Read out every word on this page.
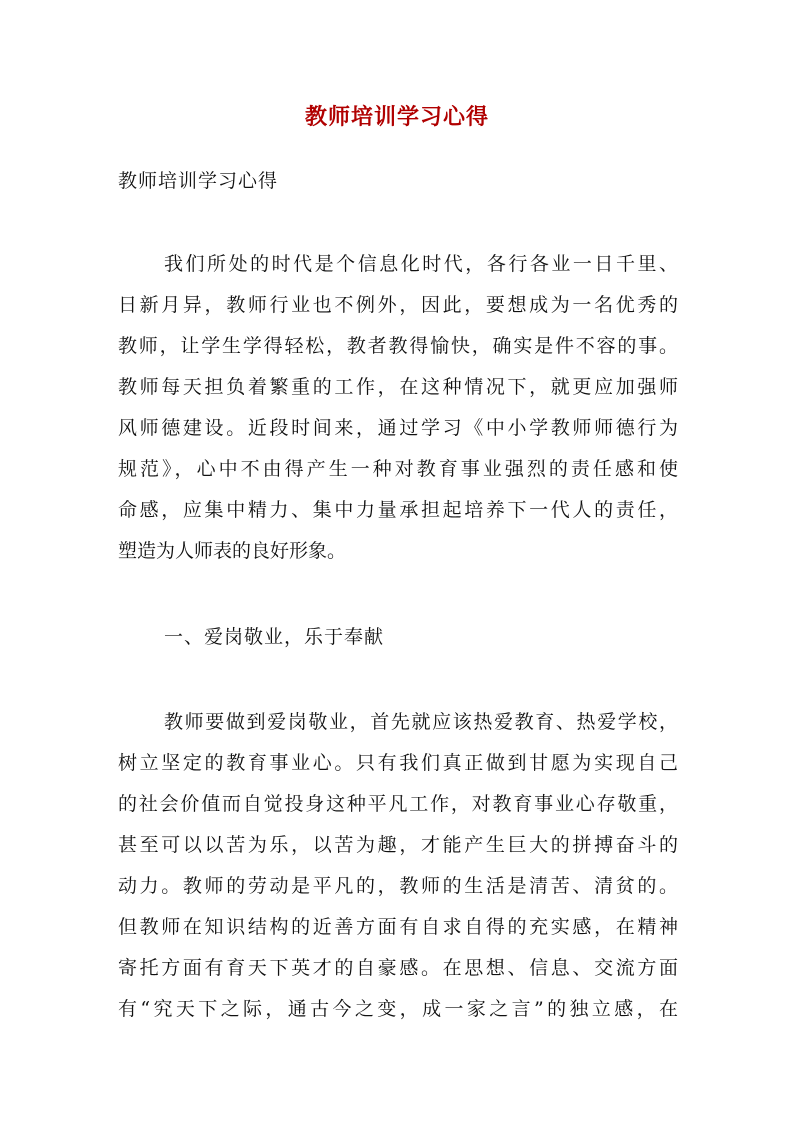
教师培训学习心得
教师培训学习心得
我们所处的时代是个信息化时代，各行各业一日千里、
日新月异，教师行业也不例外，因此，要想成为一名优秀的
教师，让学生学得轻松，教者教得愉快，确实是件不容的事。
教师每天担负着繁重的工作，在这种情况下，就更应加强师
风师德建设。近段时间来，通过学习《中小学教师师德行为
规范》，心中不由得产生一种对教育事业强烈的责任感和使
命感，应集中精力、集中力量承担起培养下一代人的责任，
塑造为人师表的良好形象。
一、爱岗敬业，乐于奉献
教师要做到爱岗敬业，首先就应该热爱教育、热爱学校，
树立坚定的教育事业心。只有我们真正做到甘愿为实现自己
的社会价值而自觉投身这种平凡工作，对教育事业心存敬重，
甚至可以以苦为乐，以苦为趣，才能产生巨大的拼搏奋斗的
动力。教师的劳动是平凡的，教师的生活是清苦、清贫的。
但教师在知识结构的近善方面有自求自得的充实感，在精神
寄托方面有育天下英才的自豪感。在思想、信息、交流方面
有“究天下之际，通古今之变，成一家之言”的独立感，在
